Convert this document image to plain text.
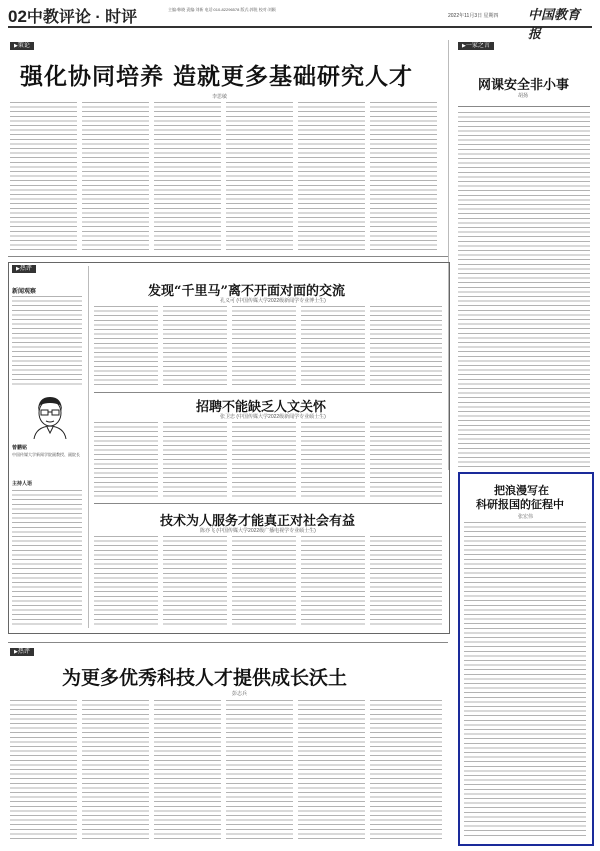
02中教评论 · 时评	主编:韩晓 责编:刘新 电话:010-82296578 版式:郭锐 校对:刘颖
2022年11月3日 星期四 中国教育报
▶ 策论
强化协同培养 造就更多基础研究人才
李思敏
▶ 一家之言
网课安全非小事
胡扬
▶ 热评
新闻观察
曾鹏铭
中国传媒大学新闻学院副教授、副院长
主持人语
发现“千里马”离不开面对面的交流
孔义可 (中国传媒大学2022级新闻学专业博士生)
招聘不能缺乏人文关怀
张卫忠 (中国传媒大学2022级新闻学专业硕士生)
技术为人服务才能真正对社会有益
陈亦飞 (中国传媒大学2022级广播电视学专业硕士生)
▶ 热评
为更多优秀科技人才提供成长沃土
彭志兵
把浪漫写在
科研报国的征程中
张宏伟
